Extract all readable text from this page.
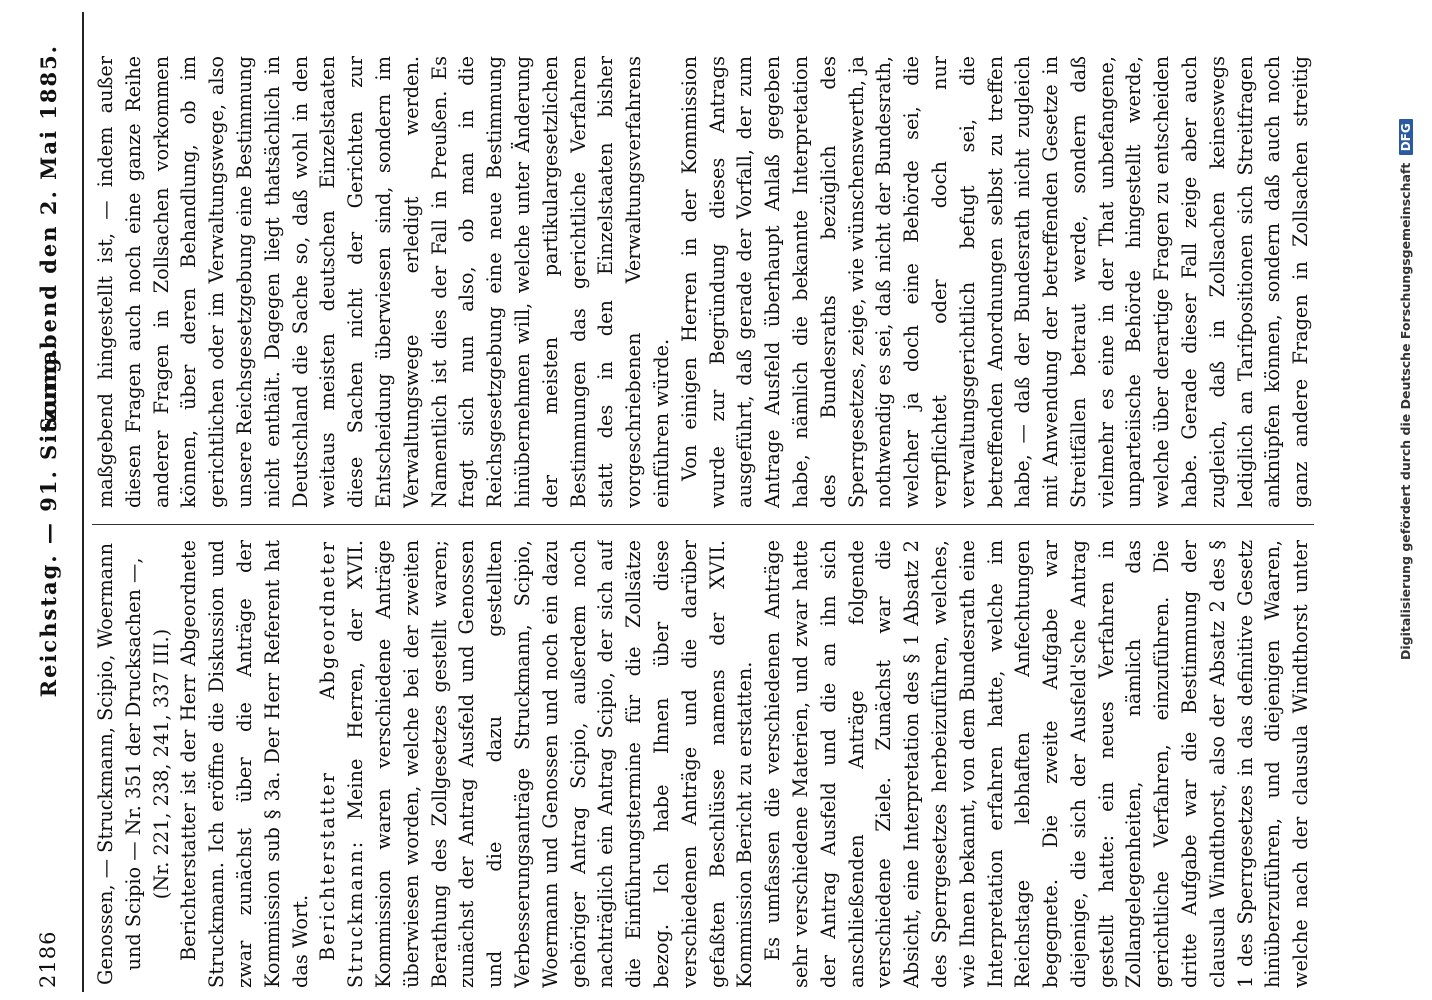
2186
Reichstag. — 91. Sitzung.
Sonnabend den 2. Mai 1885.

Genossen, — Struckmann, Scipio, Woermann und Scipio — Nr. 351 der Drucksachen —, (Nr. 221, 238, 241, 337 III.) Berichterstatter ist der Herr Abgeordnete Struckmann. Ich eröffne die Diskussion und zwar zunächst über die Anträge der Kommission sub § 3a. Der Herr Referent hat das Wort. Berichterstatter Abgeordneter Struckmann: Meine Herren, der XVII. Kommission waren verschiedene Anträge überwiesen worden, welche bei der zweiten Berathung des Zollgesetzes gestellt waren; zunächst der Antrag Ausfeld und Genossen und die dazu gestellten Verbesserungsanträge Struckmann, Scipio, Woermann und Genossen und noch ein dazu gehöriger Antrag Scipio, außerdem noch nachträglich ein Antrag Scipio, der sich auf die Einführungstermine für die Zollsätze bezog. Ich habe Ihnen über diese verschiedenen Anträge und die darüber gefaßten Beschlüsse namens der XVII. Kommission Bericht zu erstatten. Es umfassen die verschiedenen Anträge sehr verschiedene Materien, und zwar hatte der Antrag Ausfeld und die an ihn sich anschließenden Anträge folgende verschiedene Ziele. Zunächst war die Absicht, eine Interpretation des § 1 Absatz 2 des Sperrgesetzes herbeizuführen, welches, wie Ihnen bekannt, von dem Bundesrath eine Interpretation erfahren hatte, welche im Reichstage lebhaften Anfechtungen begegnete. Die zweite Aufgabe war diejenige, die sich der Ausfeld'sche Antrag gestellt hatte: ein neues Verfahren in Zollangelegenheiten, nämlich das gerichtliche Verfahren, einzuführen. Die dritte Aufgabe war die Bestimmung der clausula Windthorst, also der Absatz 2 des § 1 des Sperrgesetzes in das definitive Gesetz hinüberzuführen, und diejenigen Waaren, welche nach der clausula Windthorst unter

maßgebend hingestellt ist, — indem außer diesen Fragen auch noch eine ganze Reihe anderer Fragen in Zollsachen vorkommen können, über deren Behandlung, ob im gerichtlichen oder im Verwaltungswege, also unsere Reichsgesetzgebung eine Bestimmung nicht enthält. Dagegen liegt thatsächlich in Deutschland die Sache so, daß wohl in den weitaus meisten deutschen Einzelstaaten diese Sachen nicht der Gerichten zur Entscheidung überwiesen sind, sondern im Verwaltungswege erledigt werden. Namentlich ist dies der Fall in Preußen. Es fragt sich nun also, ob man in die Reichsgesetzgebung eine neue Bestimmung hinübernehmen will, welche unter Änderung der meisten partikulargesetzlichen Bestimmungen das gerichtliche Verfahren statt des in den Einzelstaaten bisher vorgeschriebenen Verwaltungsverfahrens einführen würde. Von einigen Herren in der Kommission wurde zur Begründung dieses Antrags ausgeführt, daß gerade der Vorfall, der zum Antrage Ausfeld überhaupt Anlaß gegeben habe, nämlich die bekannte Interpretation des Bundesraths bezüglich des Sperrgesetzes, zeige, wie wünschenswerth, ja nothwendig es sei, daß nicht der Bundesrath, welcher ja doch eine Behörde sei, die verpflichtet oder doch nur verwaltungsgerichtlich befugt sei, die betreffenden Anordnungen selbst zu treffen habe, — daß der Bundesrath nicht zugleich mit Anwendung der betreffenden Gesetze in Streitfällen betraut werde, sondern daß vielmehr es eine in der That unbefangene, unparteiische Behörde hingestellt werde, welche über derartige Fragen zu entscheiden habe. Gerade dieser Fall zeige aber auch zugleich, daß in Zollsachen keineswegs lediglich an Tarifpositionen sich Streitfragen anknüpfen können, sondern daß auch noch ganz andere Fragen in Zollsachen streitig

Digitalisierung gefördert durch die Deutsche Forschungsgemeinschaft DFG
